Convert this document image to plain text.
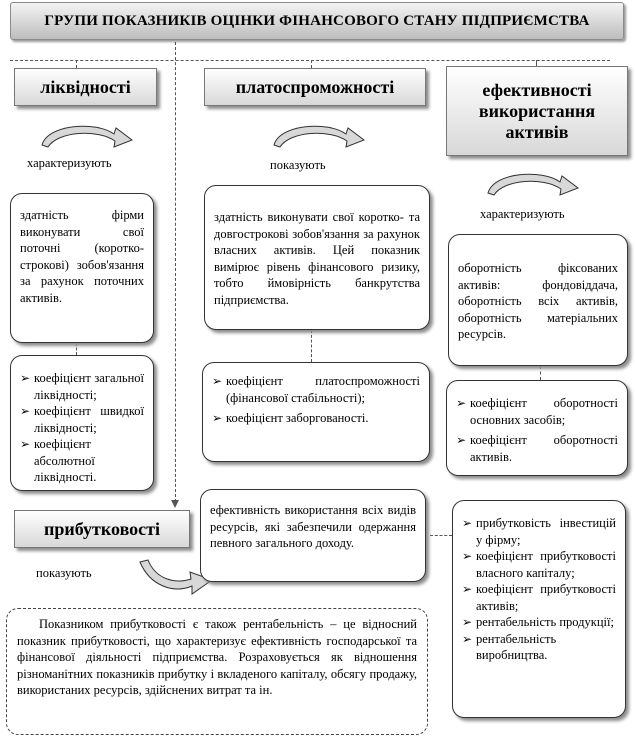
ГРУПИ ПОКАЗНИКІВ ОЦІНКИ ФІНАНСОВОГО СТАНУ ПІДПРИЄМСТВА
ліквідності	платоспроможності	ефективності використання активів
прибутковості
характеризують	показують
характеризують
показують

здатність фірми виконувати свої поточні (коротко-строкові) зобов'язання за рахунок поточних активів.

здатність виконувати свої коротко- та довгострокові зобов'язання за рахунок власних активів. Цей показник вимірює рівень фінансового ризику, тобто ймовірність банкрутства підприємства.

оборотність фіксованих активів: фондовіддача, оборотність всіх активів, оборотність матеріальних ресурсів.

ефективність використання всіх видів ресурсів, які забезпечили одержання певного загального доходу.

➢ коефіцієнт загальної ліквідності;
➢ коефіцієнт швидкої ліквідності;
➢ коефіцієнт абсолютної ліквідності.
➢ коефіцієнт платоспроможності (фінансової стабільності);
➢ коефіцієнт заборгованості.
➢ коефіцієнт оборотності основних засобів;
➢ коефіцієнт оборотності активів.
➢ прибутковість інвестицій у фірму;
➢ коефіцієнт прибутковості власного капіталу;
➢ коефіцієнт прибутковості активів;
➢ рентабельність продукції;
➢ рентабельність виробництва.
Показником прибутковості є також рентабельність – це відносний показник прибутковості, що характеризує ефективність господарської та фінансової діяльності підприємства. Розраховується як відношення різноманітних показників прибутку і вкладеного капіталу, обсягу продажу, використаних ресурсів, здійснених витрат та ін.
